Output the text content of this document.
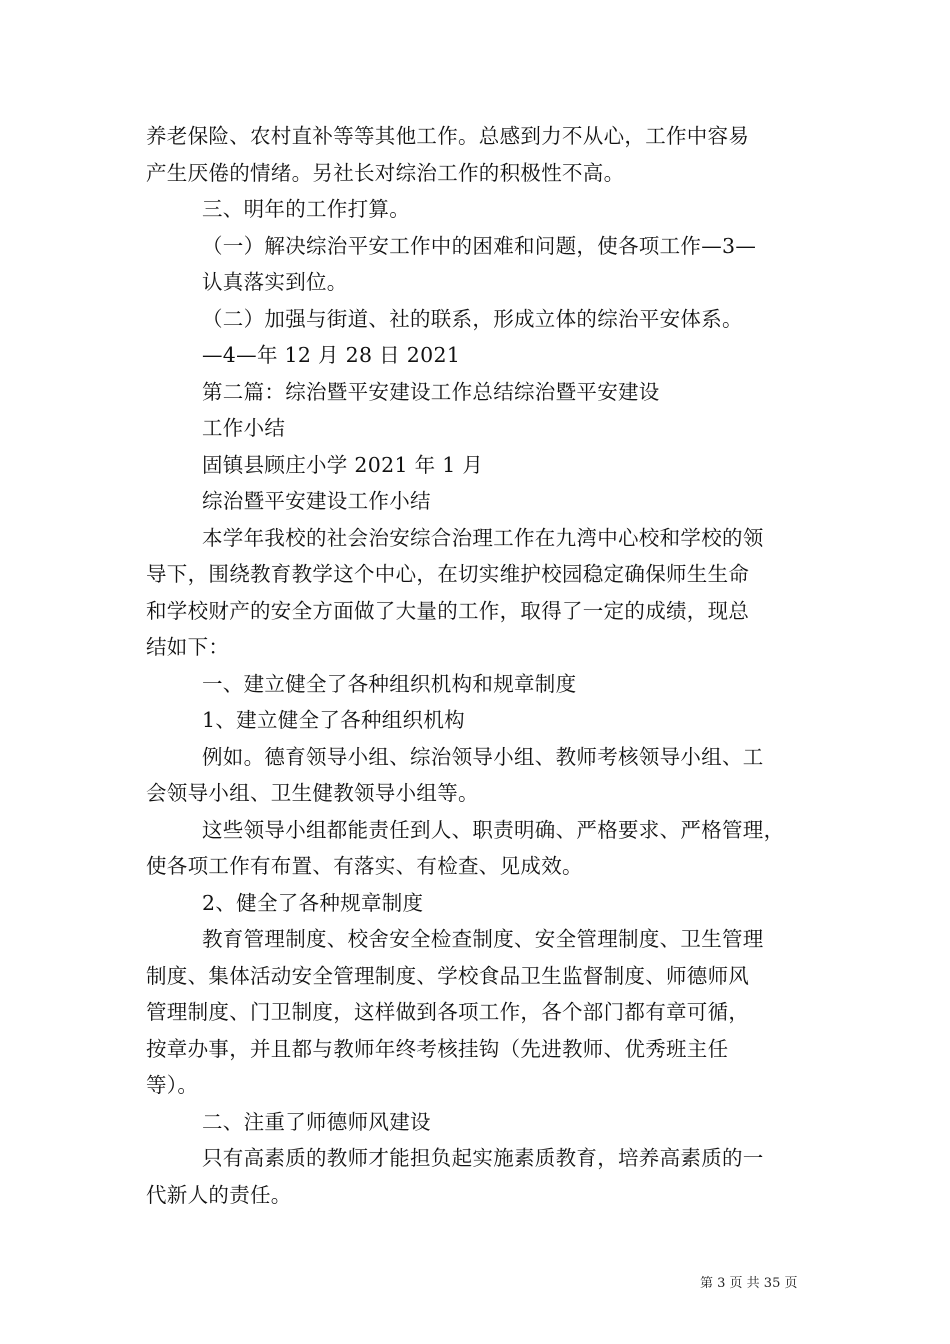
养老保险、农村直补等等其他工作。总感到力不从心，工作中容易
产生厌倦的情绪。另社长对综治工作的积极性不高。
三、明年的工作打算。
（一）解决综治平安工作中的困难和问题，使各项工作—3—
认真落实到位。
（二）加强与街道、社的联系，形成立体的综治平安体系。
—4—年 12 月 28 日 2021
第二篇：综治暨平安建设工作总结综治暨平安建设
工作小结
固镇县顾庄小学 2021 年 1 月
综治暨平安建设工作小结
本学年我校的社会治安综合治理工作在九湾中心校和学校的领
导下，围绕教育教学这个中心，在切实维护校园稳定确保师生生命
和学校财产的安全方面做了大量的工作，取得了一定的成绩，现总
结如下：
一、建立健全了各种组织机构和规章制度
1、建立健全了各种组织机构
例如。德育领导小组、综治领导小组、教师考核领导小组、工
会领导小组、卫生健教领导小组等。
这些领导小组都能责任到人、职责明确、严格要求、严格管理，
使各项工作有布置、有落实、有检查、见成效。
2、健全了各种规章制度
教育管理制度、校舍安全检查制度、安全管理制度、卫生管理
制度、集体活动安全管理制度、学校食品卫生监督制度、师德师风
管理制度、门卫制度，这样做到各项工作，各个部门都有章可循，
按章办事，并且都与教师年终考核挂钩（先进教师、优秀班主任
等）。
二、注重了师德师风建设
只有高素质的教师才能担负起实施素质教育，培养高素质的一
代新人的责任。
第 3 页 共 35 页
